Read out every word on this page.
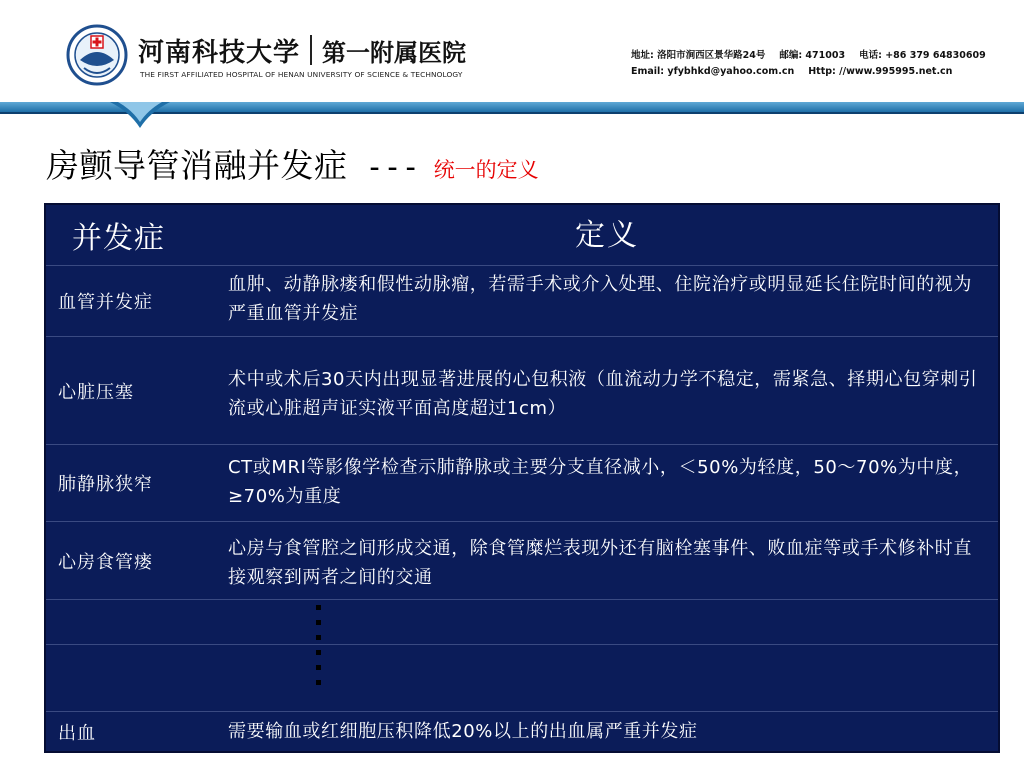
河南科技大学 第一附属医院
THE FIRST AFFILIATED HOSPITAL OF HENAN UNIVERSITY OF SCIENCE & TECHNOLOGY
地址: 洛阳市涧西区景华路24号 邮编: 471003 电话: +86 379 64830609
Email: yfybhkd@yahoo.com.cn Http: //www.995995.net.cn
房颤导管消融并发症 --- 统一的定义
并发症	定义
血管并发症
血肿、动静脉瘘和假性动脉瘤，若需手术或介入处理、住院治疗或明显延长住院时间的视为严重血管并发症
心脏压塞
术中或术后30天内出现显著进展的心包积液（血流动力学不稳定，需紧急、择期心包穿刺引流或心脏超声证实液平面高度超过1cm）
肺静脉狭窄
CT或MRI等影像学检查示肺静脉或主要分支直径减小，＜50%为轻度，50～70%为中度，≥70%为重度
心房食管瘘
心房与食管腔之间形成交通，除食管糜烂表现外还有脑栓塞事件、败血症等或手术修补时直接观察到两者之间的交通
出血	需要输血或红细胞压积降低20%以上的出血属严重并发症
